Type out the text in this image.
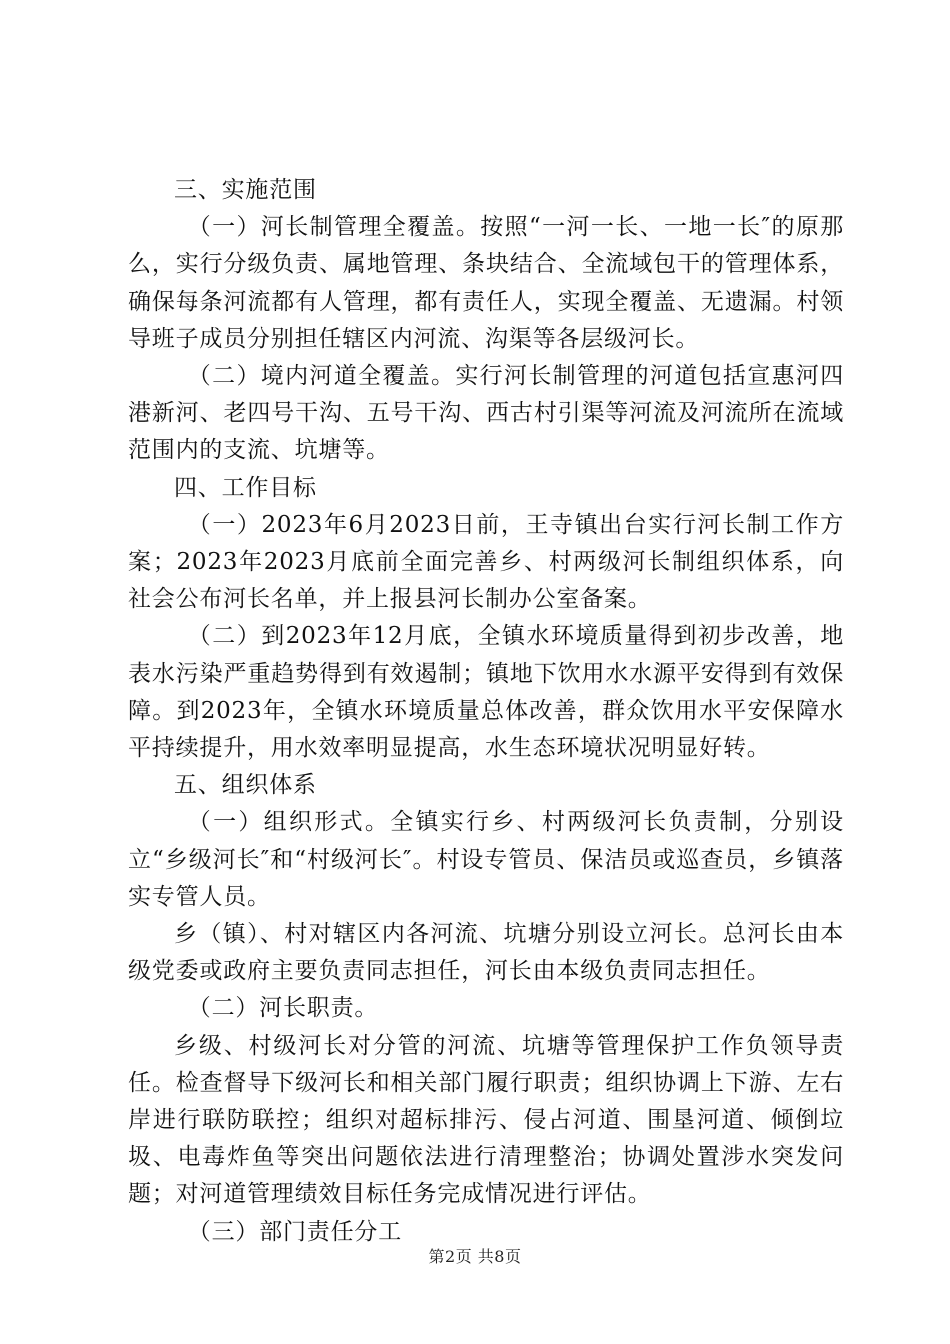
三、实施范围

（一）河长制管理全覆盖。按照“一河一长、一地一长″的原那么，实行分级负责、属地管理、条块结合、全流域包干的管理体系，确保每条河流都有人管理，都有责任人，实现全覆盖、无遗漏。村领导班子成员分别担任辖区内河流、沟渠等各层级河长。

（二）境内河道全覆盖。实行河长制管理的河道包括宣惠河四港新河、老四号干沟、五号干沟、西古村引渠等河流及河流所在流域范围内的支流、坑塘等。

四、工作目标

（一）2023年6月2023日前，王寺镇出台实行河长制工作方案；2023年2023月底前全面完善乡、村两级河长制组织体系，向社会公布河长名单，并上报县河长制办公室备案。

（二）到2023年12月底，全镇水环境质量得到初步改善，地表水污染严重趋势得到有效遏制；镇地下饮用水水源平安得到有效保障。到2023年，全镇水环境质量总体改善，群众饮用水平安保障水平持续提升，用水效率明显提高，水生态环境状况明显好转。

五、组织体系

（一）组织形式。全镇实行乡、村两级河长负责制，分别设立“乡级河长″和“村级河长″。村设专管员、保洁员或巡查员，乡镇落实专管人员。

乡（镇）、村对辖区内各河流、坑塘分别设立河长。总河长由本级党委或政府主要负责同志担任，河长由本级负责同志担任。

（二）河长职责。

乡级、村级河长对分管的河流、坑塘等管理保护工作负领导责任。检查督导下级河长和相关部门履行职责；组织协调上下游、左右岸进行联防联控；组织对超标排污、侵占河道、围垦河道、倾倒垃圾、电毒炸鱼等突出问题依法进行清理整治；协调处置涉水突发问题；对河道管理绩效目标任务完成情况进行评估。

（三）部门责任分工

第2页 共8页
